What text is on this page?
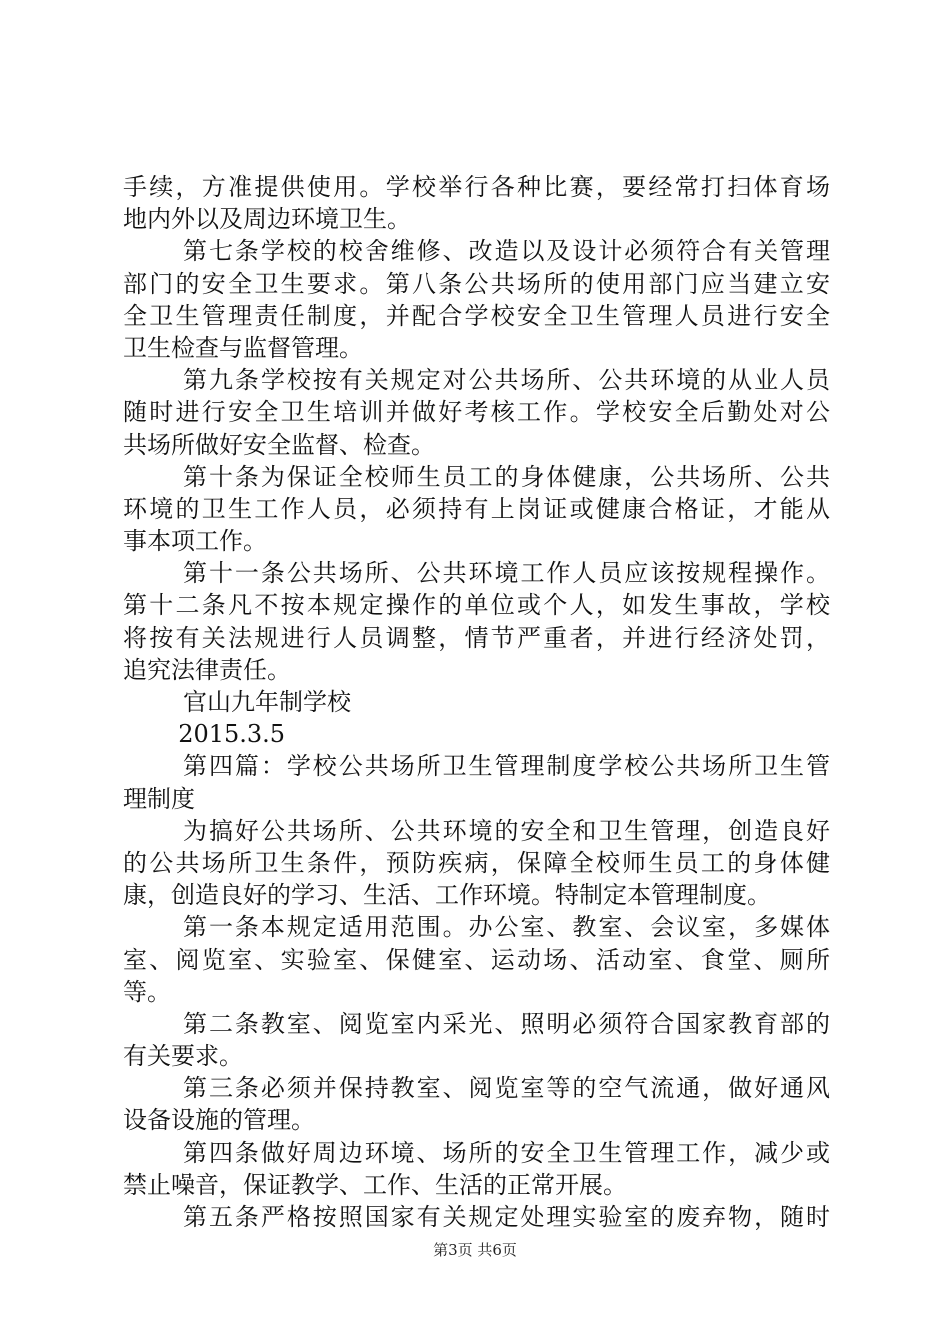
手续，方准提供使用。学校举行各种比赛，要经常打扫体育场
地内外以及周边环境卫生。
第七条学校的校舍维修、改造以及设计必须符合有关管理
部门的安全卫生要求。第八条公共场所的使用部门应当建立安
全卫生管理责任制度，并配合学校安全卫生管理人员进行安全
卫生检查与监督管理。
第九条学校按有关规定对公共场所、公共环境的从业人员
随时进行安全卫生培训并做好考核工作。学校安全后勤处对公
共场所做好安全监督、检查。
第十条为保证全校师生员工的身体健康，公共场所、公共
环境的卫生工作人员，必须持有上岗证或健康合格证，才能从
事本项工作。
第十一条公共场所、公共环境工作人员应该按规程操作。
第十二条凡不按本规定操作的单位或个人，如发生事故，学校
将按有关法规进行人员调整，情节严重者，并进行经济处罚，
追究法律责任。
官山九年制学校
2015.3.5
第四篇：学校公共场所卫生管理制度学校公共场所卫生管
理制度
为搞好公共场所、公共环境的安全和卫生管理，创造良好
的公共场所卫生条件，预防疾病，保障全校师生员工的身体健
康，创造良好的学习、生活、工作环境。特制定本管理制度。
第一条本规定适用范围。办公室、教室、会议室，多媒体
室、阅览室、实验室、保健室、运动场、活动室、食堂、厕所
等。
第二条教室、阅览室内采光、照明必须符合国家教育部的
有关要求。
第三条必须并保持教室、阅览室等的空气流通，做好通风
设备设施的管理。
第四条做好周边环境、场所的安全卫生管理工作，减少或
禁止噪音，保证教学、工作、生活的正常开展。
第五条严格按照国家有关规定处理实验室的废弃物，随时
第3页 共6页
